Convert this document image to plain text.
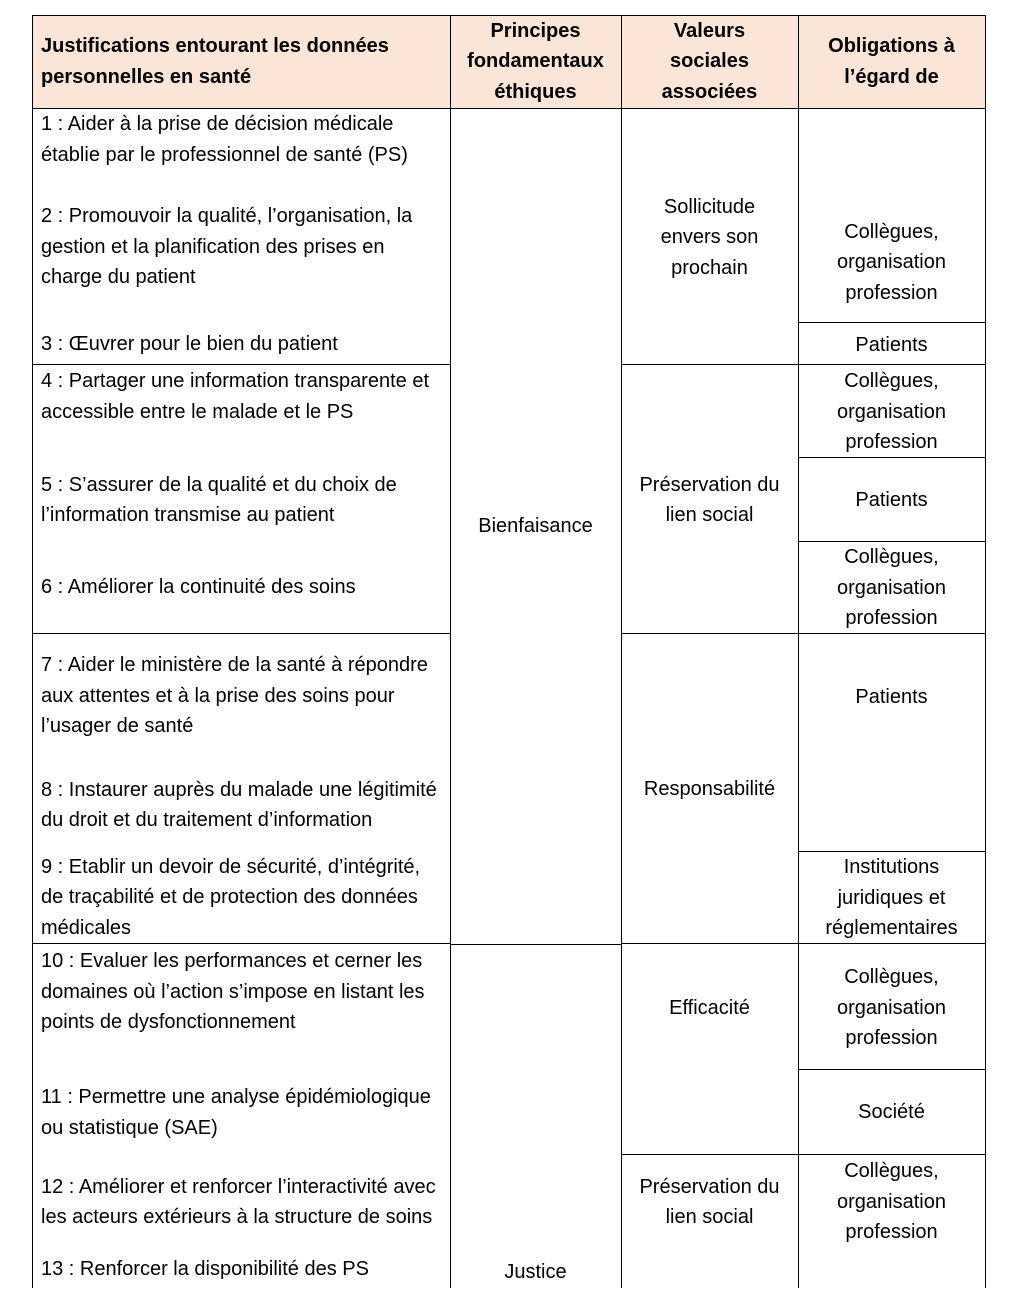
Justifications entourant les données personnelles en santé
Principes fondamentaux éthiques
Valeurs sociales associées
Obligations à l’égard de
1 : Aider à la prise de décision médicale établie par le professionnel de santé (PS)
2 : Promouvoir la qualité, l’organisation, la gestion et la planification des prises en charge du patient
3 : Œuvrer pour le bien du patient
4 : Partager une information transparente et accessible entre le malade et le PS
5 : S’assurer de la qualité et du choix de l’information transmise au patient
6 : Améliorer la continuité des soins
7 : Aider le ministère de la santé à répondre aux attentes et à la prise des soins pour l’usager de santé
8 : Instaurer auprès du malade une légitimité du droit et du traitement d’information
9 : Etablir un devoir de sécurité, d’intégrité, de traçabilité et de protection des données médicales
10 : Evaluer les performances et cerner les domaines où l’action s’impose en listant les points de dysfonctionnement
11 : Permettre une analyse épidémiologique ou statistique (SAE)
12 : Améliorer et renforcer l’interactivité avec les acteurs extérieurs à la structure de soins
13 : Renforcer la disponibilité des PS
Bienfaisance
Justice
Sollicitude envers son prochain
Préservation du lien social
Responsabilité
Efficacité
Préservation du lien social
Collègues, organisation profession
Patients
Collègues, organisation profession
Patients
Collègues, organisation profession
Patients
Institutions juridiques et réglementaires
Collègues, organisation profession
Société
Collègues, organisation profession
